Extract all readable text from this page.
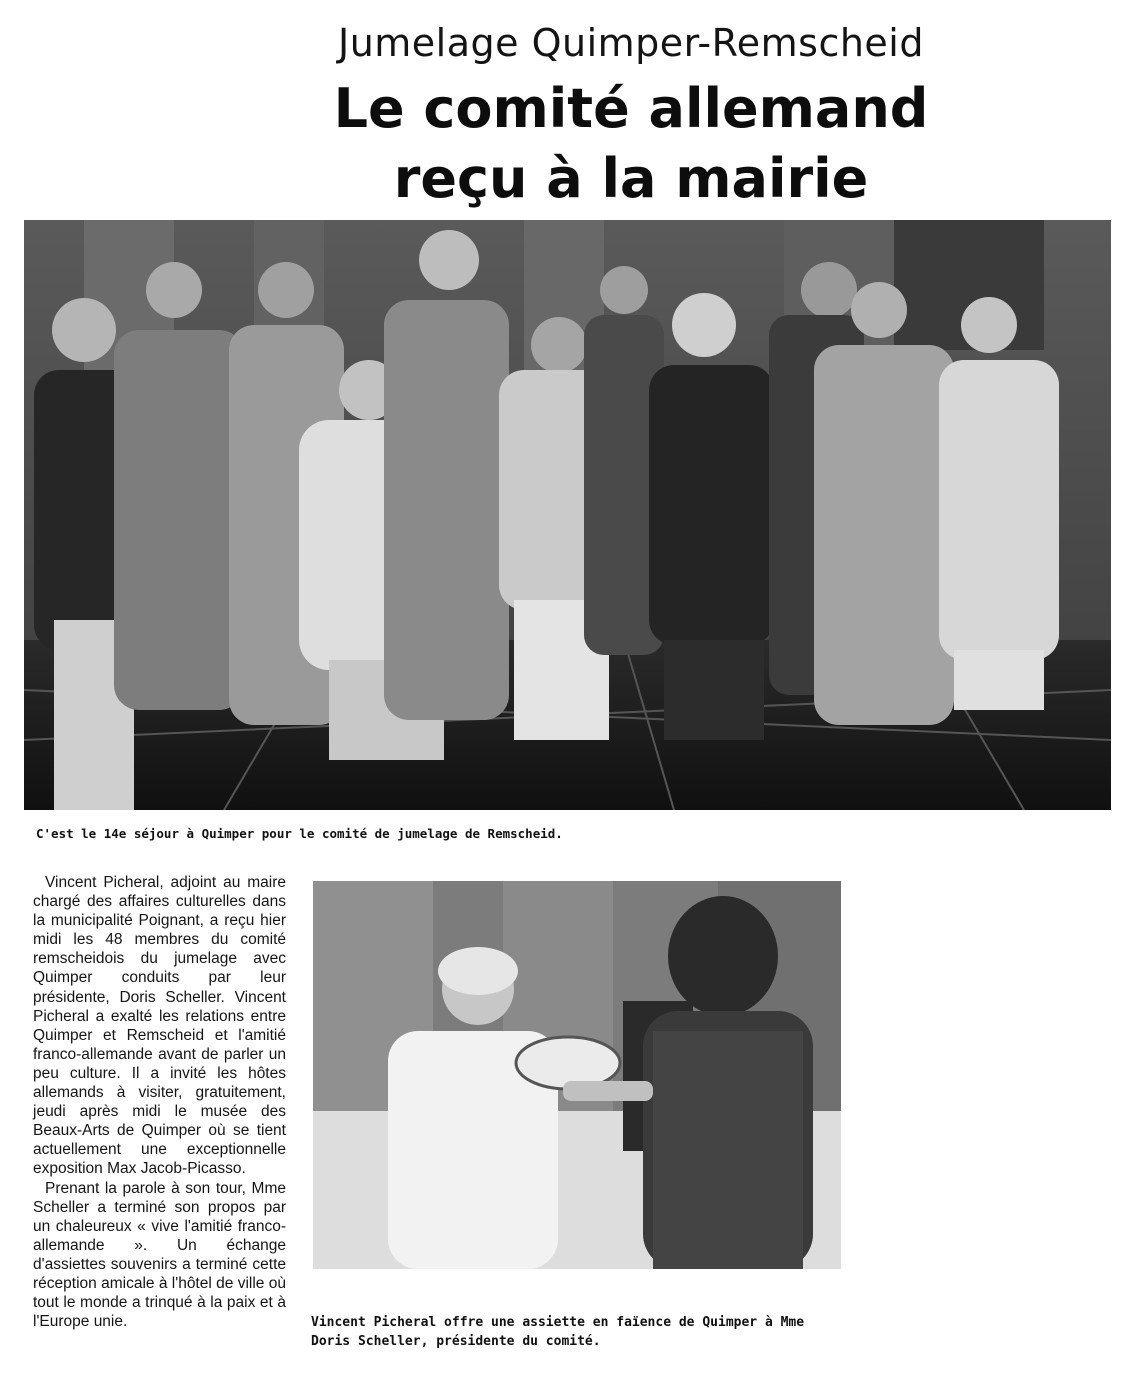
Jumelage Quimper-Remscheid
Le comité allemand
reçu à la mairie
C'est le 14e séjour à Quimper pour le comité de jumelage de Remscheid.

Vincent Picheral, adjoint au maire chargé des affaires culturelles dans la municipalité Poignant, a reçu hier midi les 48 membres du comité remscheidois du jumelage avec Quimper conduits par leur présidente, Doris Scheller. Vincent Picheral a exalté les relations entre Quimper et Remscheid et l'amitié franco-allemande avant de parler un peu culture. Il a invité les hôtes allemands à visiter, gratuitement, jeudi après midi le musée des Beaux-Arts de Quimper où se tient actuellement une exceptionnelle exposition Max Jacob-Picasso.

Prenant la parole à son tour, Mme Scheller a terminé son propos par un chaleureux « vive l'amitié franco-allemande ». Un échange d'assiettes souvenirs a terminé cette réception amicale à l'hôtel de ville où tout le monde a trinqué à la paix et à l'Europe unie.	Vincent Picheral offre une assiette en faïence de Quimper à Mme Doris Scheller, présidente du comité.
